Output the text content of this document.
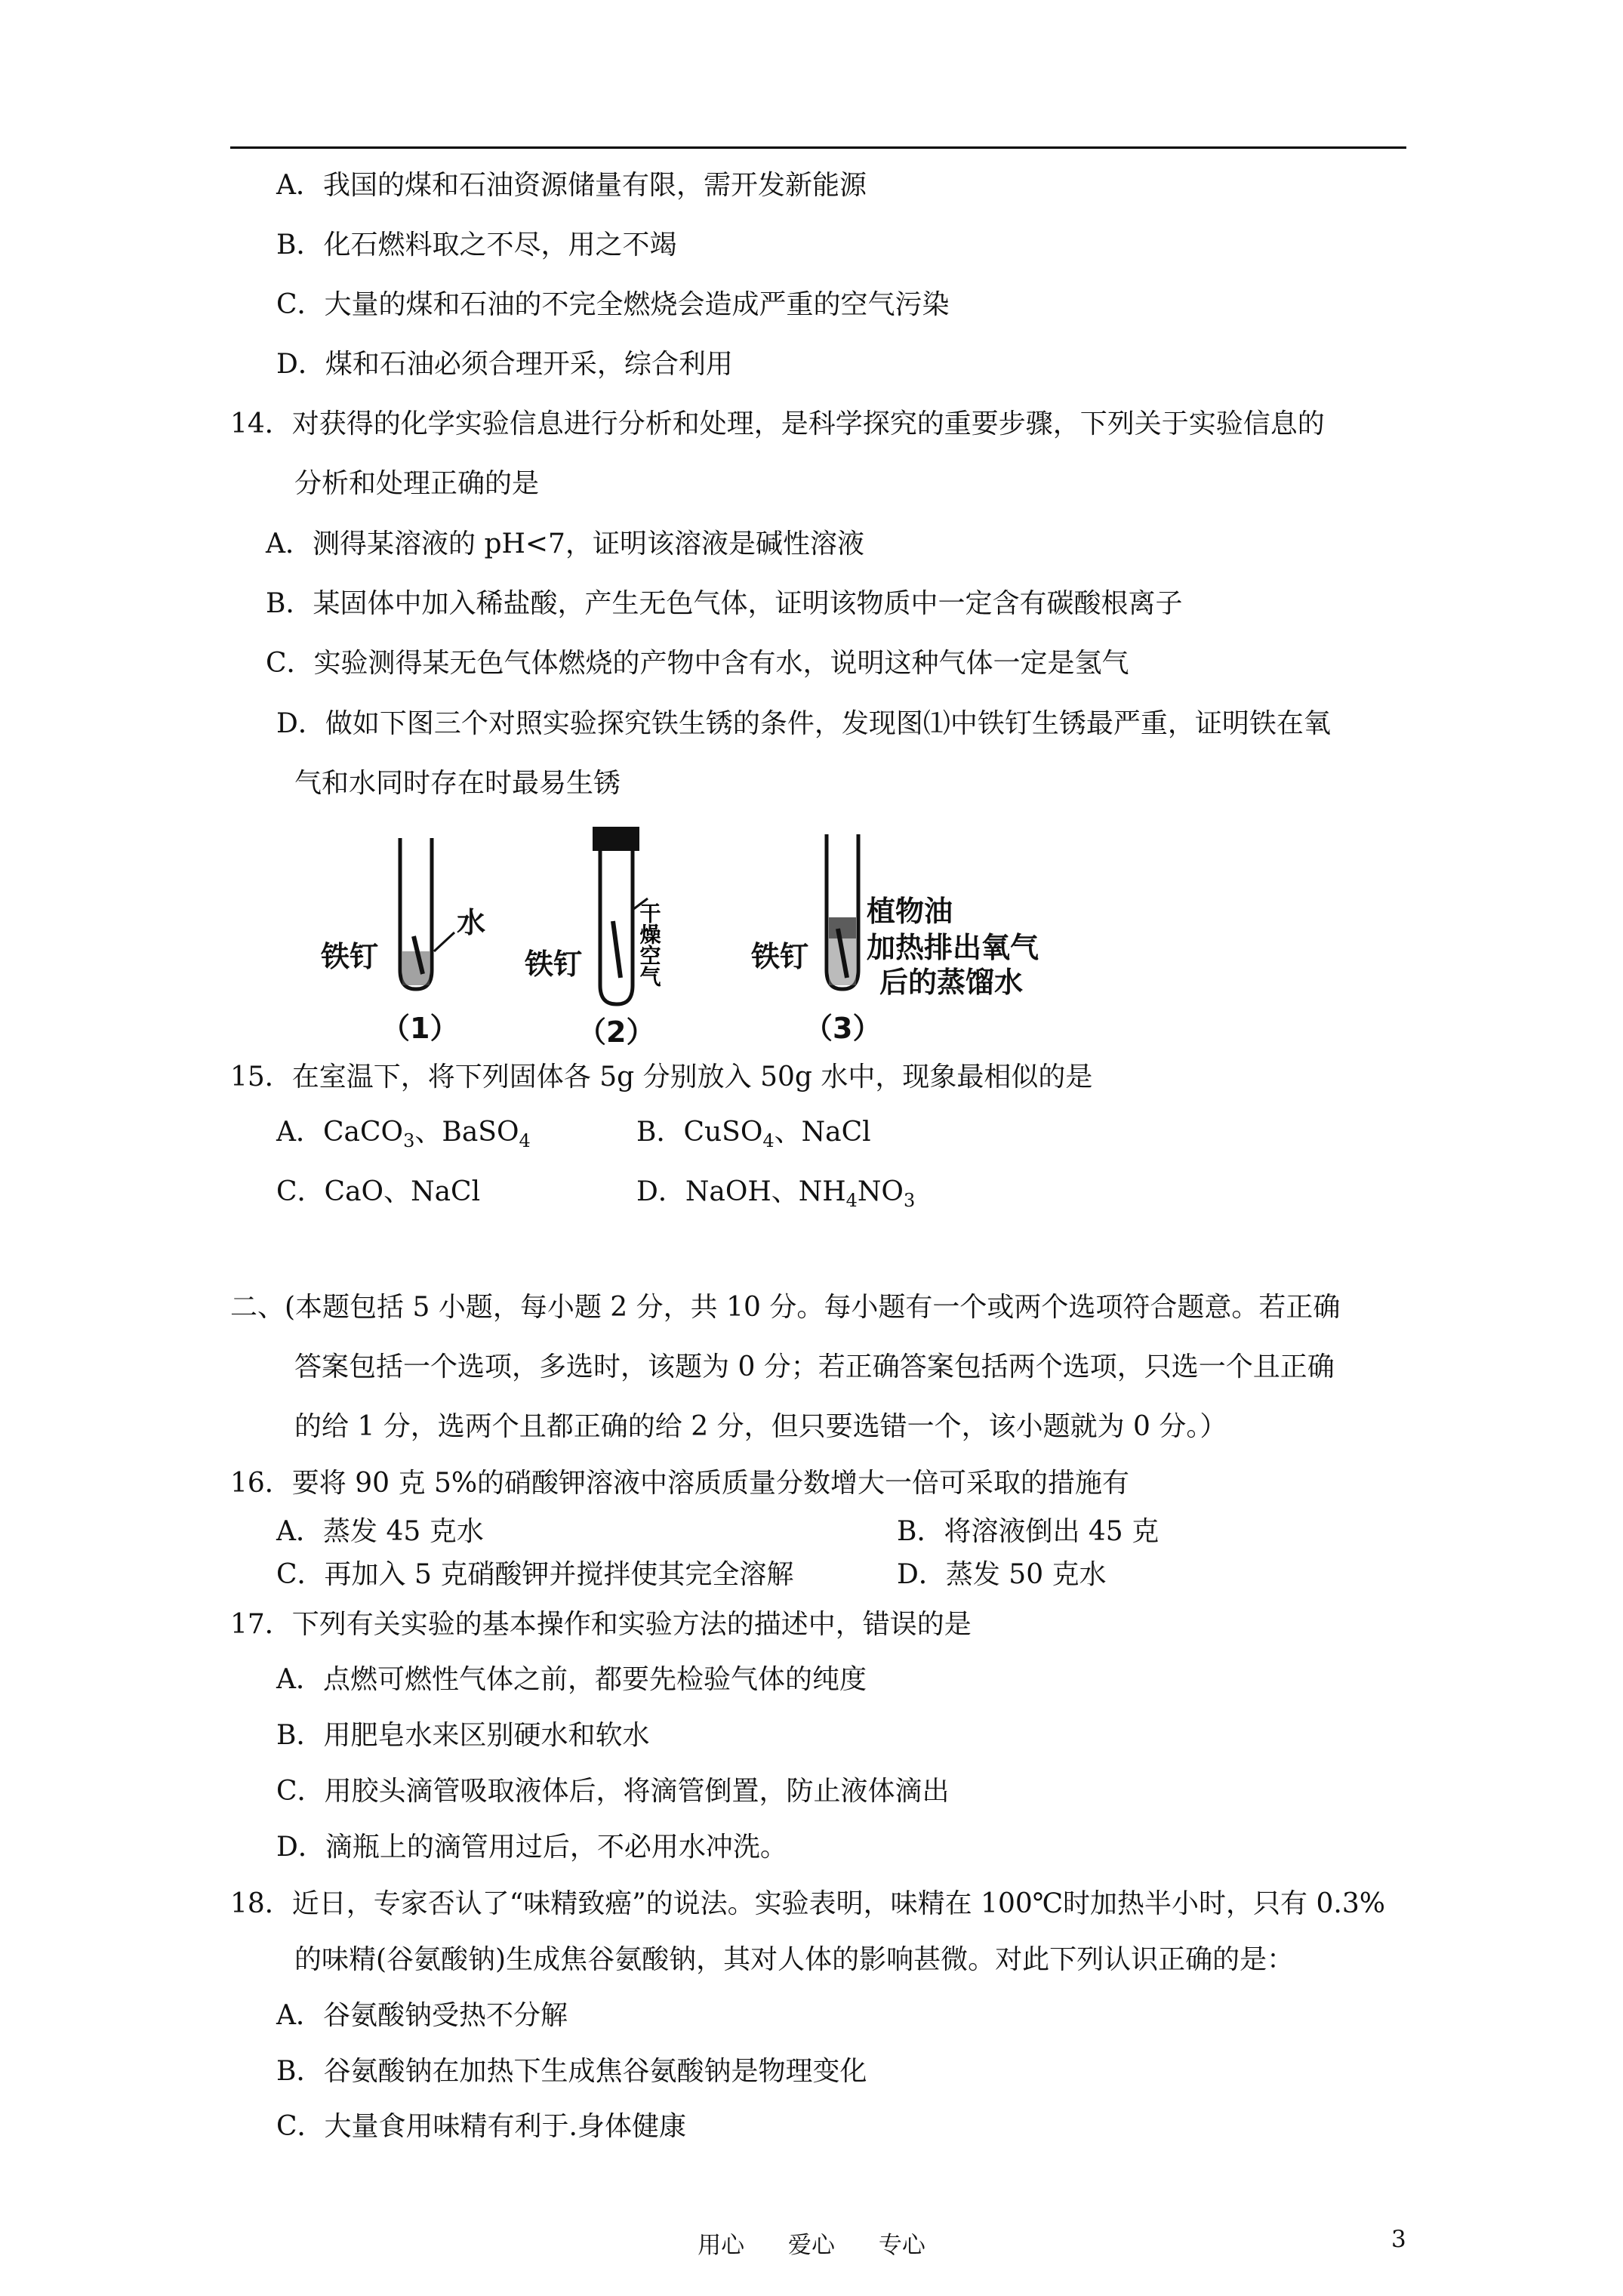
A．我国的煤和石油资源储量有限，需开发新能源
B．化石燃料取之不尽，用之不竭
C．大量的煤和石油的不完全燃烧会造成严重的空气污染
D．煤和石油必须合理开采，综合利用
14．对获得的化学实验信息进行分析和处理，是科学探究的重要步骤，下列关于实验信息的
分析和处理正确的是
A．测得某溶液的 pH<7，证明该溶液是碱性溶液
B．某固体中加入稀盐酸，产生无色气体，证明该物质中一定含有碳酸根离子
C．实验测得某无色气体燃烧的产物中含有水，说明这种气体一定是氢气
D．做如下图三个对照实验探究铁生锈的条件，发现图⑴中铁钉生锈最严重，证明铁在氧
气和水同时存在时最易生锈
铁钉
水
（1）
铁钉	干燥空气
（2）
铁钉
植物油
加热排出氧气
后的蒸馏水
（3）
15．在室温下，将下列固体各 5g 分别放入 50g 水中，现象最相似的是
A．CaCO$_3$、BaSO$_4$	B．CuSO$_4$、NaCl
C．CaO、NaCl	D．NaOH、$NH_4NO_3$
二、(本题包括 5 小题，每小题 2 分，共 10 分。每小题有一个或两个选项符合题意。若正确
答案包括一个选项，多选时，该题为 0 分；若正确答案包括两个选项，只选一个且正确
的给 1 分，选两个且都正确的给 2 分，但只要选错一个，该小题就为 0 分。）
16．要将 90 克 5%的硝酸钾溶液中溶质质量分数增大一倍可采取的措施有
A．蒸发 45 克水	B．将溶液倒出 45 克
C．再加入 5 克硝酸钾并搅拌使其完全溶解	D．蒸发 50 克水
17．下列有关实验的基本操作和实验方法的描述中，错误的是
A．点燃可燃性气体之前，都要先检验气体的纯度
B．用肥皂水来区别硬水和软水
C．用胶头滴管吸取液体后，将滴管倒置，防止液体滴出
D．滴瓶上的滴管用过后，不必用水冲洗。
18．近日，专家否认了“味精致癌”的说法。实验表明，味精在 100℃时加热半小时，只有 0.3%
的味精(谷氨酸钠)生成焦谷氨酸钠，其对人体的影响甚微。对此下列认识正确的是：
A．谷氨酸钠受热不分解
B．谷氨酸钠在加热下生成焦谷氨酸钠是物理变化
C．大量食用味精有利于.身体健康
用心 爱心 专心	3
